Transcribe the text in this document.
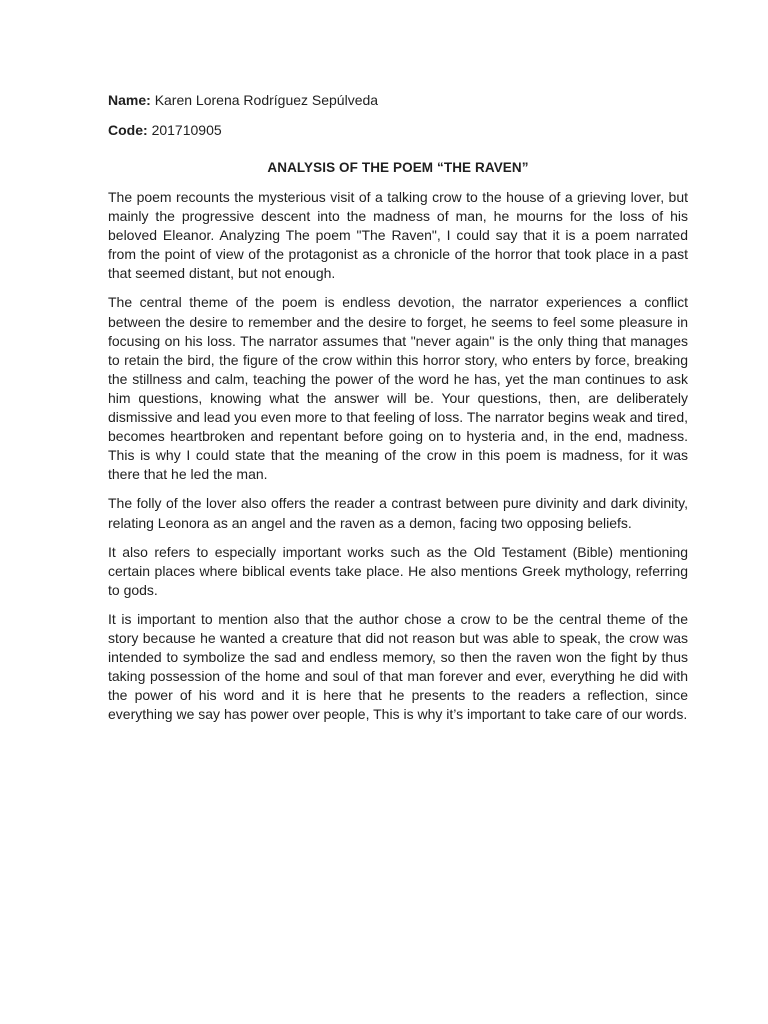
Name: Karen Lorena Rodríguez Sepúlveda

Code: 201710905

ANALYSIS OF THE POEM “THE RAVEN”

The poem recounts the mysterious visit of a talking crow to the house of a grieving lover, but mainly the progressive descent into the madness of man, he mourns for the loss of his beloved Eleanor. Analyzing The poem "The Raven", I could say that it is a poem narrated from the point of view of the protagonist as a chronicle of the horror that took place in a past that seemed distant, but not enough.

The central theme of the poem is endless devotion, the narrator experiences a conflict between the desire to remember and the desire to forget, he seems to feel some pleasure in focusing on his loss. The narrator assumes that "never again" is the only thing that manages to retain the bird, the figure of the crow within this horror story, who enters by force, breaking the stillness and calm, teaching the power of the word he has, yet the man continues to ask him questions, knowing what the answer will be. Your questions, then, are deliberately dismissive and lead you even more to that feeling of loss. The narrator begins weak and tired, becomes heartbroken and repentant before going on to hysteria and, in the end, madness. This is why I could state that the meaning of the crow in this poem is madness, for it was there that he led the man.

The folly of the lover also offers the reader a contrast between pure divinity and dark divinity, relating Leonora as an angel and the raven as a demon, facing two opposing beliefs.

It also refers to especially important works such as the Old Testament (Bible) mentioning certain places where biblical events take place. He also mentions Greek mythology, referring to gods.

It is important to mention also that the author chose a crow to be the central theme of the story because he wanted a creature that did not reason but was able to speak, the crow was intended to symbolize the sad and endless memory, so then the raven won the fight by thus taking possession of the home and soul of that man forever and ever, everything he did with the power of his word and it is here that he presents to the readers a reflection, since everything we say has power over people, This is why it’s important to take care of our words.
